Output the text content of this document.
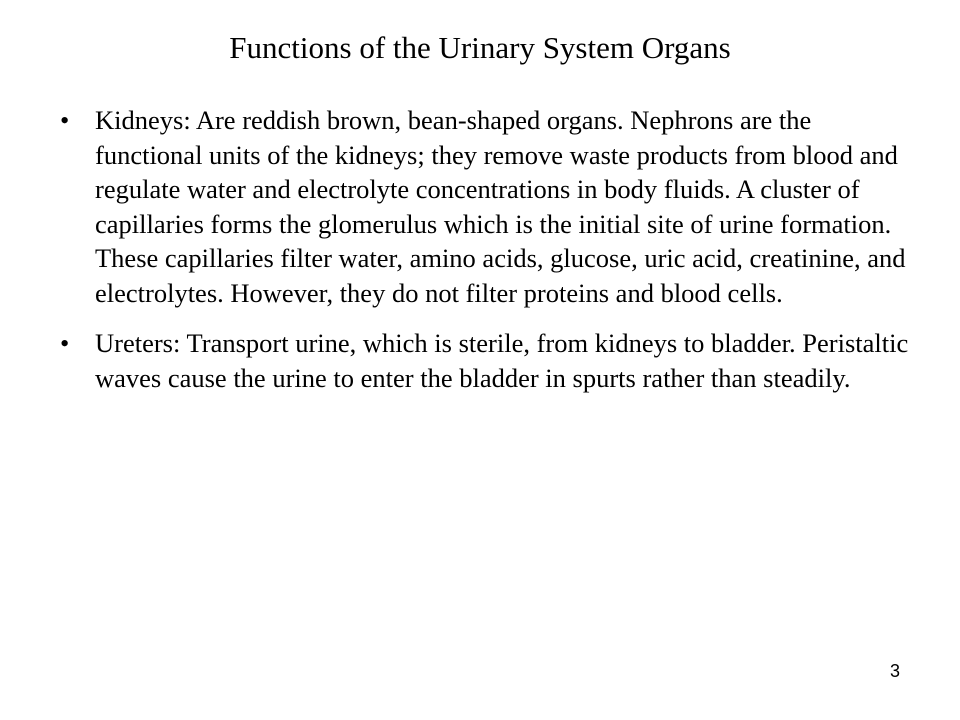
Functions of the Urinary System Organs
• Kidneys: Are reddish brown, bean-shaped organs. Nephrons are the functional units of the kidneys; they remove waste products from blood and regulate water and electrolyte concentrations in body fluids. A cluster of capillaries forms the glomerulus which is the initial site of urine formation. These capillaries filter water, amino acids, glucose, uric acid, creatinine, and electrolytes. However, they do not filter proteins and blood cells.
• Ureters: Transport urine, which is sterile, from kidneys to bladder. Peristaltic waves cause the urine to enter the bladder in spurts rather than steadily.
3
